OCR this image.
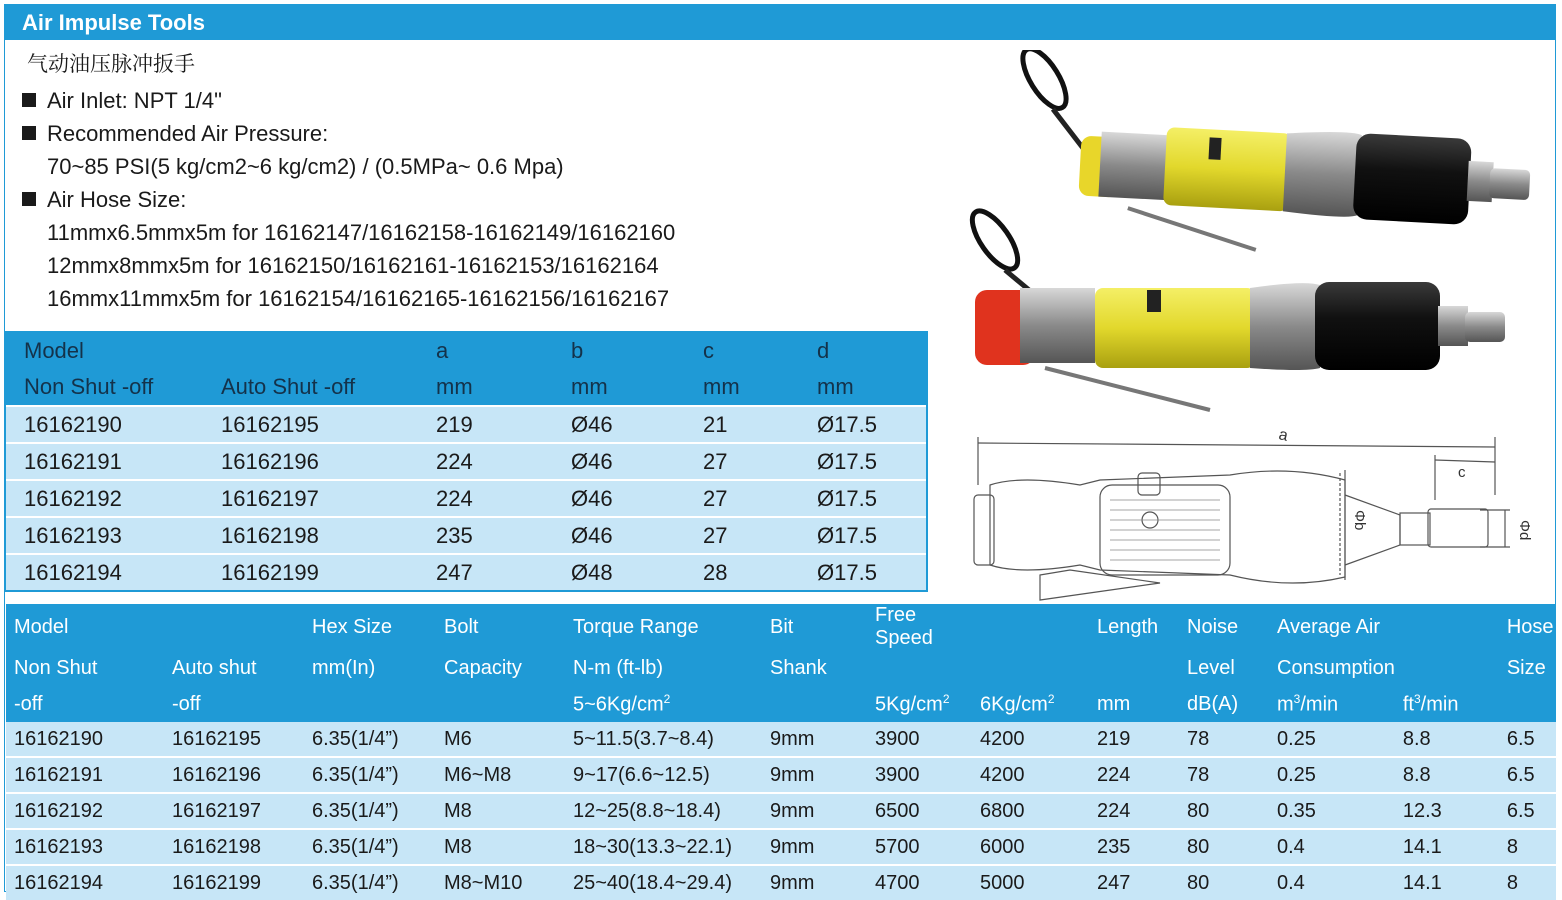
Air Impulse Tools
气动油压脉冲扳手
Air Inlet: NPT 1/4"
Recommended Air Pressure:
70~85 PSI(5 kg/cm2~6 kg/cm2) / (0.5MPa~ 0.6 Mpa)
Air Hose Size:
11mmx6.5mmx5m for 16162147/16162158-16162149/16162160
12mmx8mmx5m for 16162150/16162161-16162153/16162164
16mmx11mmx5m for 16162154/16162165-16162156/16162167
Model		a	b	c	d
Non Shut -off	Auto Shut -off	mm	mm	mm	mm
16162190	16162195	219	Ø46	21	Ø17.5
16162191	16162196	224	Ø46	27	Ø17.5
16162192	16162197	224	Ø46	27	Ø17.5
16162193	16162198	235	Ø46	27	Ø17.5
16162194	16162199	247	Ø48	28	Ø17.5
a
c
Φb	Φd
Model		Hex Size	Bolt	Torque Range	Bit	Free Speed		Length	Noise	Average Air		Hose
Non Shut	Auto shut	mm(In)	Capacity	N-m (ft-lb)	Shank				Level	Consumption		Size
-off	-off			$5\sim 6Kg/cm^2$		$5Kg/cm^2$	$6Kg/cm^2$	mm	dB(A)	$m^3/\min$	$ft^3/\min$	
16162190	16162195	6.35(1/4”)	M6	5~11.5(3.7~8.4)	9mm	3900	4200	219	78	0.25	8.8	6.5
16162191	16162196	6.35(1/4”)	M6~M8	9~17(6.6~12.5)	9mm	3900	4200	224	78	0.25	8.8	6.5
16162192	16162197	6.35(1/4”)	M8	12~25(8.8~18.4)	9mm	6500	6800	224	80	0.35	12.3	6.5
16162193	16162198	6.35(1/4”)	M8	18~30(13.3~22.1)	9mm	5700	6000	235	80	0.4	14.1	8
16162194	16162199	6.35(1/4”)	M8~M10	25~40(18.4~29.4)	9mm	4700	5000	247	80	0.4	14.1	8
